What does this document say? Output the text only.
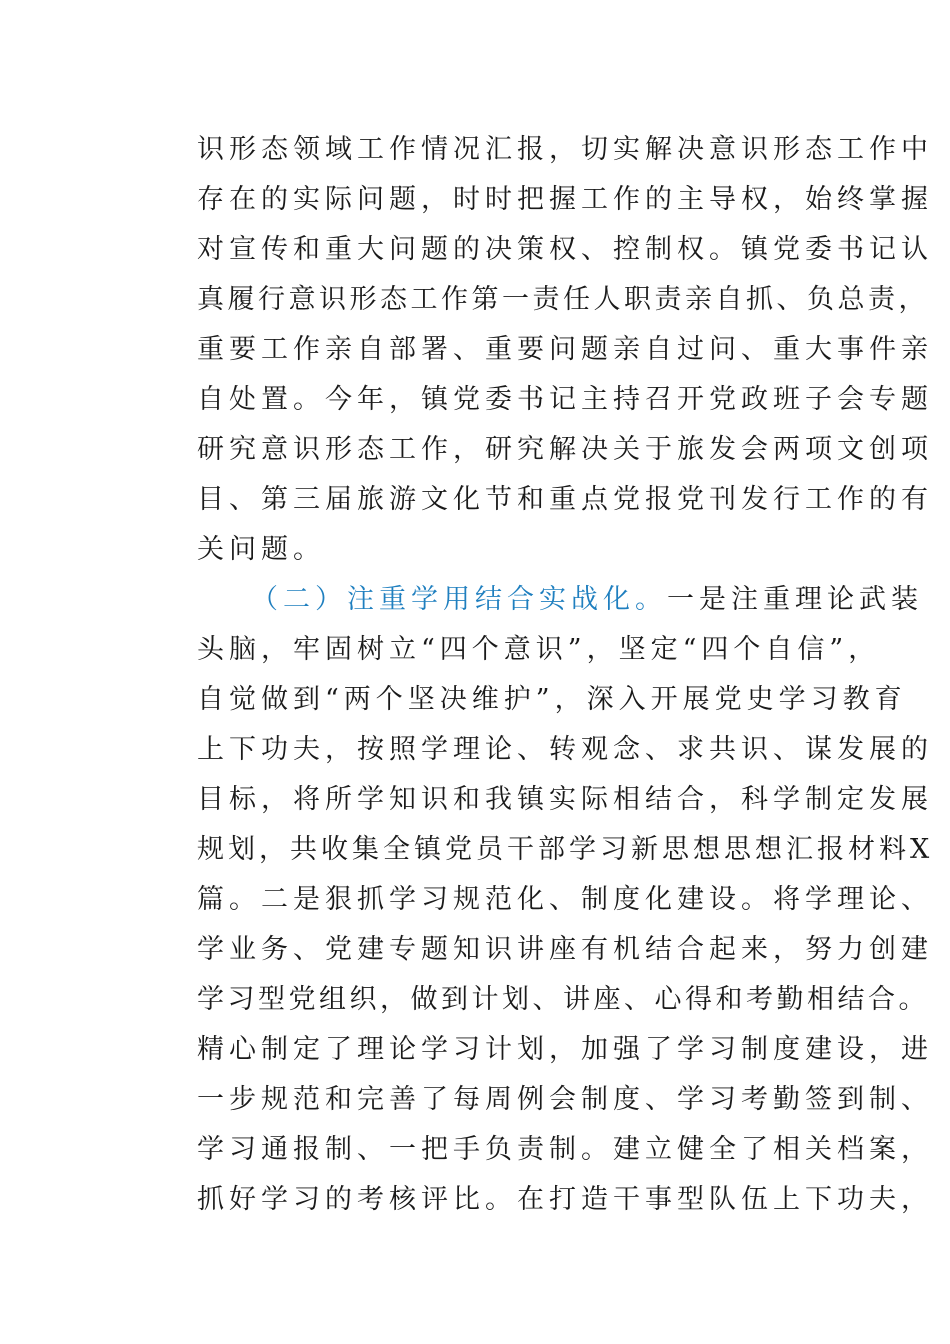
识形态领域工作情况汇报，切实解决意识形态工作中
存在的实际问题，时时把握工作的主导权，始终掌握
对宣传和重大问题的决策权、控制权。镇党委书记认
真履行意识形态工作第一责任人职责亲自抓、负总责，
重要工作亲自部署、重要问题亲自过问、重大事件亲
自处置。今年，镇党委书记主持召开党政班子会专题
研究意识形态工作，研究解决关于旅发会两项文创项
目、第三届旅游文化节和重点党报党刊发行工作的有
关问题。
（二）注重学用结合实战化。一是注重理论武装
头脑，牢固树立“四个意识”，坚定“四个自信”，
自觉做到“两个坚决维护”，深入开展党史学习教育
上下功夫，按照学理论、转观念、求共识、谋发展的
目标，将所学知识和我镇实际相结合，科学制定发展
规划，共收集全镇党员干部学习新思想思想汇报材料X
篇。二是狠抓学习规范化、制度化建设。将学理论、
学业务、党建专题知识讲座有机结合起来，努力创建
学习型党组织，做到计划、讲座、心得和考勤相结合。
精心制定了理论学习计划，加强了学习制度建设，进
一步规范和完善了每周例会制度、学习考勤签到制、
学习通报制、一把手负责制。建立健全了相关档案，
抓好学习的考核评比。在打造干事型队伍上下功夫，
